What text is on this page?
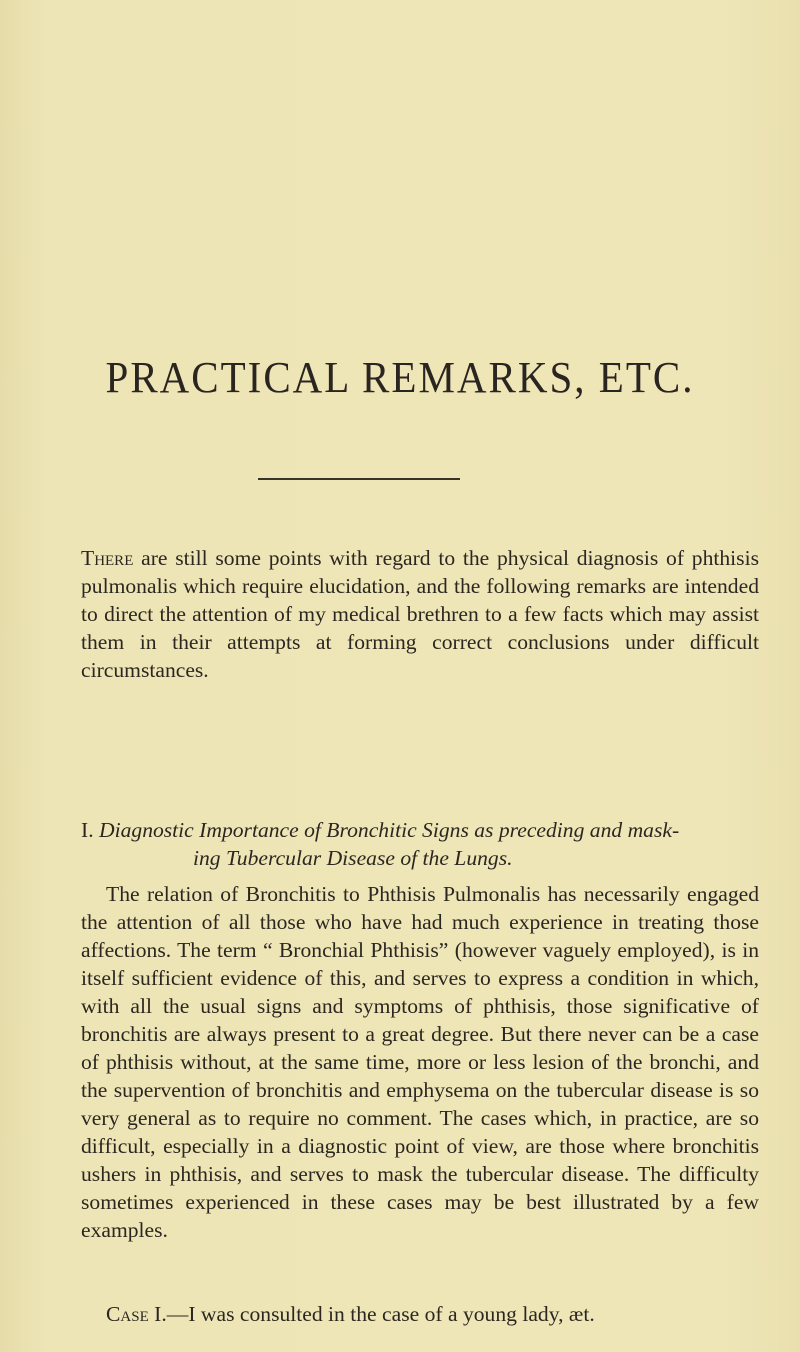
PRACTICAL REMARKS, ETC.

There are still some points with regard to the physical diagnosis of phthisis pulmonalis which require elucidation, and the following remarks are intended to direct the attention of my medical brethren to a few facts which may assist them in their attempts at forming correct conclusions under difficult circumstances.

I. Diagnostic Importance of Bronchitic Signs as preceding and mask-
ing Tubercular Disease of the Lungs.

The relation of Bronchitis to Phthisis Pulmonalis has necessarily engaged the attention of all those who have had much experience in treating those affections. The term “ Bronchial Phthisis” (however vaguely employed), is in itself sufficient evidence of this, and serves to express a condition in which, with all the usual signs and symptoms of phthisis, those significative of bronchitis are always present to a great degree. But there never can be a case of phthisis without, at the same time, more or less lesion of the bronchi, and the supervention of bronchitis and emphysema on the tubercular disease is so very general as to require no comment. The cases which, in practice, are so difficult, especially in a diagnostic point of view, are those where bronchitis ushers in phthisis, and serves to mask the tubercular disease. The difficulty sometimes experienced in these cases may be best illustrated by a few examples.

Case I.—I was consulted in the case of a young lady, æt.
